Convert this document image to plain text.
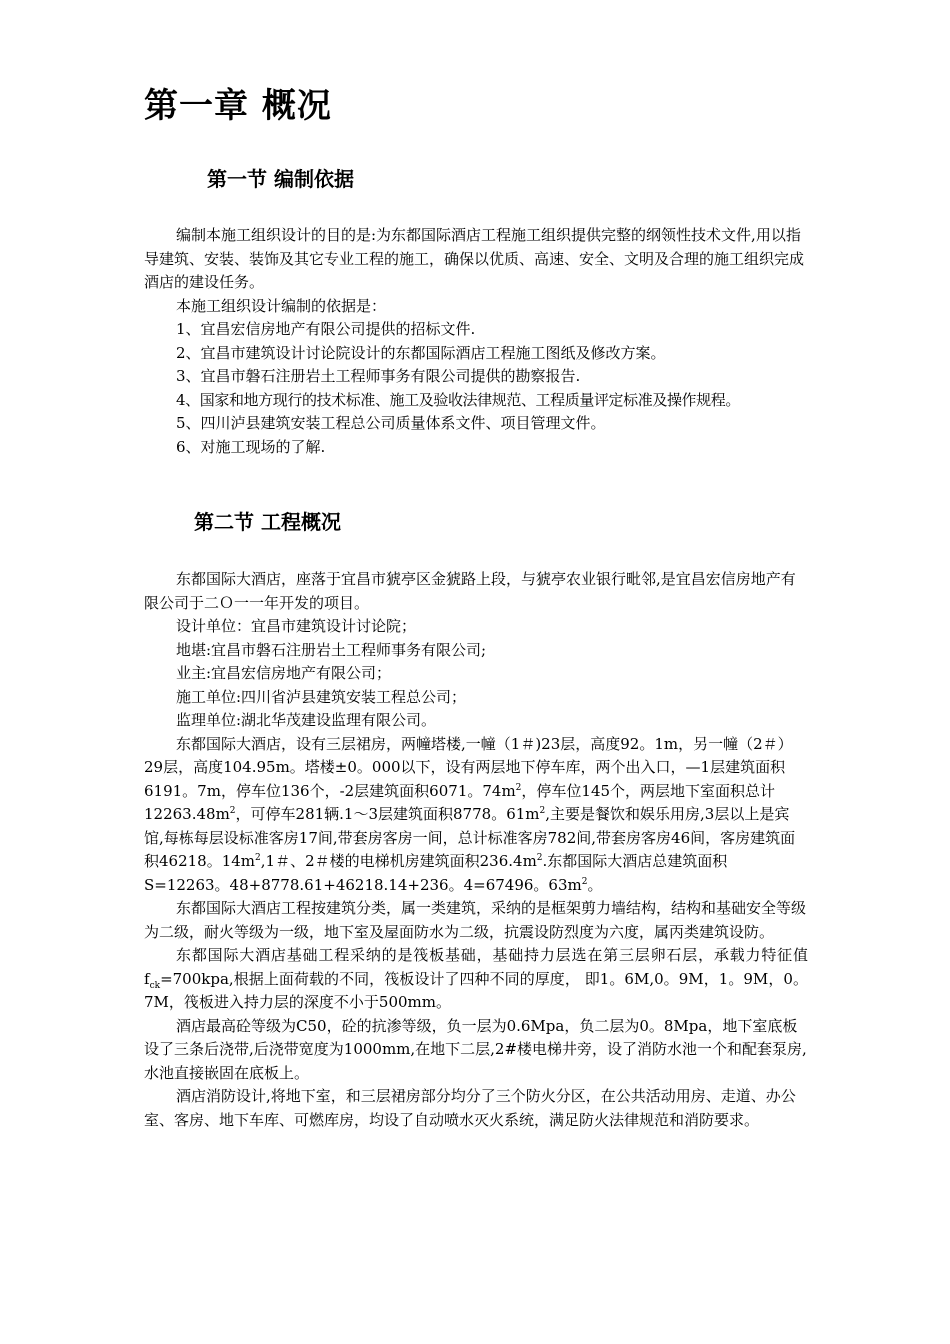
第一章 概况
第一节 编制依据

编制本施工组织设计的目的是:为东都国际酒店工程施工组织提供完整的纲领性技术文件,用以指导建筑、安装、装饰及其它专业工程的施工，确保以优质、高速、安全、文明及合理的施工组织完成酒店的建设任务。

本施工组织设计编制的依据是：

1、宜昌宏信房地产有限公司提供的招标文件.

2、宜昌市建筑设计讨论院设计的东都国际酒店工程施工图纸及修改方案。

3、宜昌市磐石注册岩土工程师事务有限公司提供的勘察报告.

4、国家和地方现行的技术标准、施工及验收法律规范、工程质量评定标准及操作规程。

5、四川泸县建筑安装工程总公司质量体系文件、项目管理文件。

6、对施工现场的了解.

第二节 工程概况

东都国际大酒店，座落于宜昌市猇亭区金猇路上段，与猇亭农业银行毗邻,是宜昌宏信房地产有限公司于二Ｏ一一年开发的项目。

设计单位：宜昌市建筑设计讨论院；

地堪:宜昌市磐石注册岩土工程师事务有限公司;

业主:宜昌宏信房地产有限公司；

施工单位:四川省泸县建筑安装工程总公司；

监理单位:湖北华茂建设监理有限公司。

东都国际大酒店，设有三层裙房，两幢塔楼,一幢（1＃)23层，高度92。1m，另一幢（2＃）29层，高度104.95m。塔楼±0。000以下，设有两层地下停车库，两个出入口，—1层建筑面积6191。7m，停车位136个，-2层建筑面积6071。$74m^2$，停车位145个，两层地下室面积总计$12263.48m^2$，可停车281辆.1～3层建筑面积8778。$61m^2$,主要是餐饮和娱乐用房,3层以上是宾馆,每栋每层设标准客房17间,带套房客房一间，总计标准客房782间,带套房客房46间，客房建筑面积46218。$14m^2,1$＃、2＃楼的电梯机房建筑面积$236.4m^2$.东都国际大酒店总建筑面积S=12263。48+8778.61+46218.14+236。4=67496。$63m^2$。

东都国际大酒店工程按建筑分类，属一类建筑，采纳的是框架剪力墙结构，结构和基础安全等级为二级，耐火等级为一级，地下室及屋面防水为二级，抗震设防烈度为六度，属丙类建筑设防。

东都国际大酒店基础工程采纳的是筏板基础，基础持力层选在第三层卵石层，承载力特征值$f_{ck}=700kpa$,根据上面荷载的不同，筏板设计了四种不同的厚度， 即1。6M,0。9M，1。9M，0。7M，筏板进入持力层的深度不小于500mm。

酒店最高砼等级为C50，砼的抗渗等级，负一层为0.6Mpa，负二层为0。8Mpa，地下室底板设了三条后浇带,后浇带宽度为1000mm,在地下二层,2#楼电梯井旁，设了消防水池一个和配套泵房,水池直接嵌固在底板上。

酒店消防设计,将地下室，和三层裙房部分均分了三个防火分区，在公共活动用房、走道、办公室、客房、地下车库、可燃库房，均设了自动喷水灭火系统，满足防火法律规范和消防要求。
